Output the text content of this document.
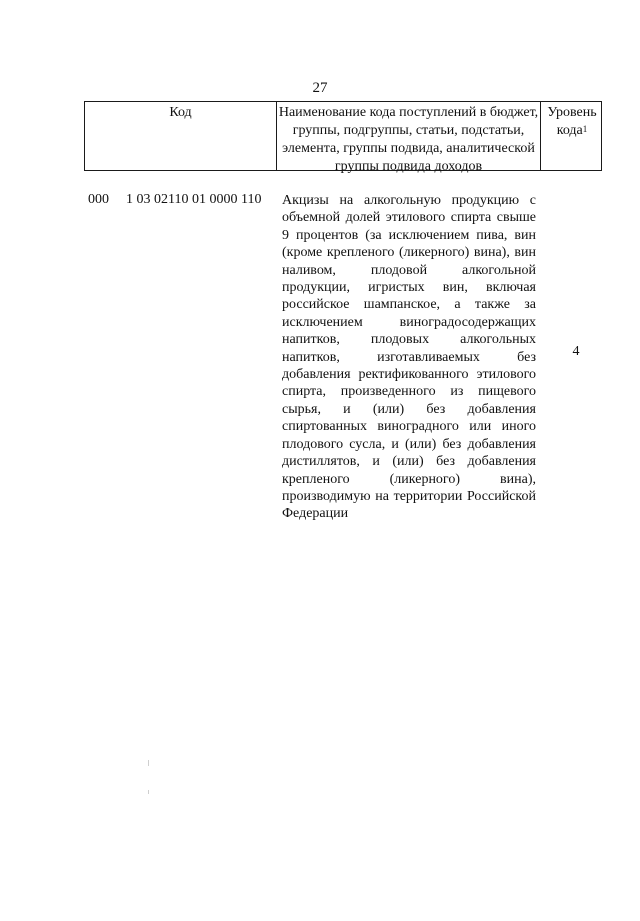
27
Код	Наименование кода поступлений в бюджет, группы, подгруппы, статьи, подстатьи, элемента, группы подвида, аналитической группы подвида доходов
Уровень кода$^1$
000 1 03 02110 01 0000 110 Акцизы на алкогольную продукцию с объемной долей этилового спирта свыше 9 процентов (за исключением пива, вин (кроме крепленого (ликерного) вина), вин наливом, плодовой алкогольной продукции, игристых вин, включая российское шампанское, а также за исключением виноградосодержащих напитков, плодовых алкогольных напитков, изготавливаемых без добавления ректификованного этилового спирта, произведенного из пищевого сырья, и (или) без добавления спиртованных виноградного или иного плодового сусла, и (или) без добавления дистиллятов, и (или) без добавления крепленого (ликерного) вина), производимую на территории Российской Федерации
4
